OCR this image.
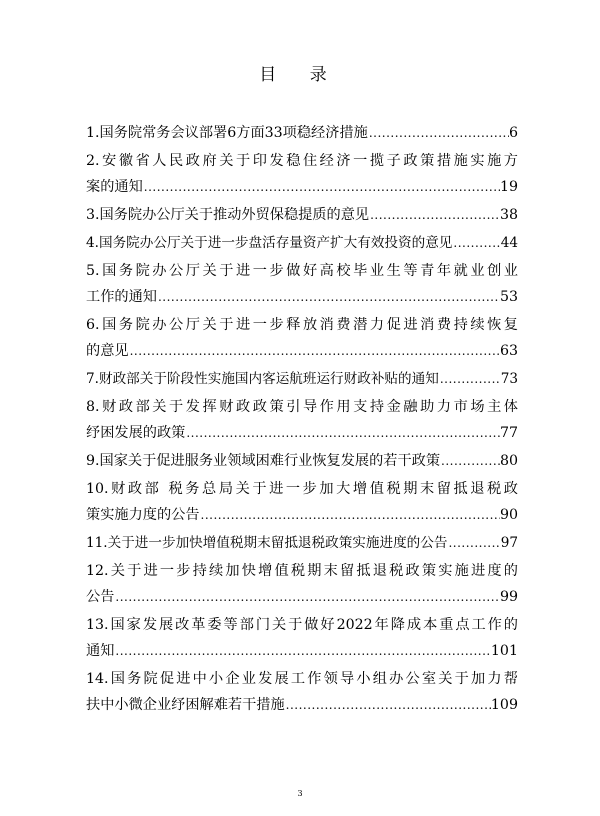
目 录
1.国务院常务会议部署6方面33项稳经济措施 .....	6
2.安徽省人民政府关于印发稳住经济一揽子政策措施实施方
案的通知 .....	19
3.国务院办公厅关于推动外贸保稳提质的意见 .....	38
4.国务院办公厅关于进一步盘活存量资产扩大有效投资的意见 .....	44
5.国务院办公厅关于进一步做好高校毕业生等青年就业创业
工作的通知 .....	53
6.国务院办公厅关于进一步释放消费潜力促进消费持续恢复
的意见 .....	63
7.财政部关于阶段性实施国内客运航班运行财政补贴的通知 .....	73
8.财政部关于发挥财政政策引导作用支持金融助力市场主体
纾困发展的政策 .....	77
9.国家关于促进服务业领域困难行业恢复发展的若干政策 .....	80
10.财政部 税务总局关于进一步加大增值税期末留抵退税政
策实施力度的公告 .....	90
11.关于进一步加快增值税期末留抵退税政策实施进度的公告 .....	97
12.关于进一步持续加快增值税期末留抵退税政策实施进度的
公告 .....	99
13.国家发展改革委等部门关于做好2022年降成本重点工作的
通知 .....	101
14.国务院促进中小企业发展工作领导小组办公室关于加力帮
扶中小微企业纾困解难若干措施 .....	109
3
